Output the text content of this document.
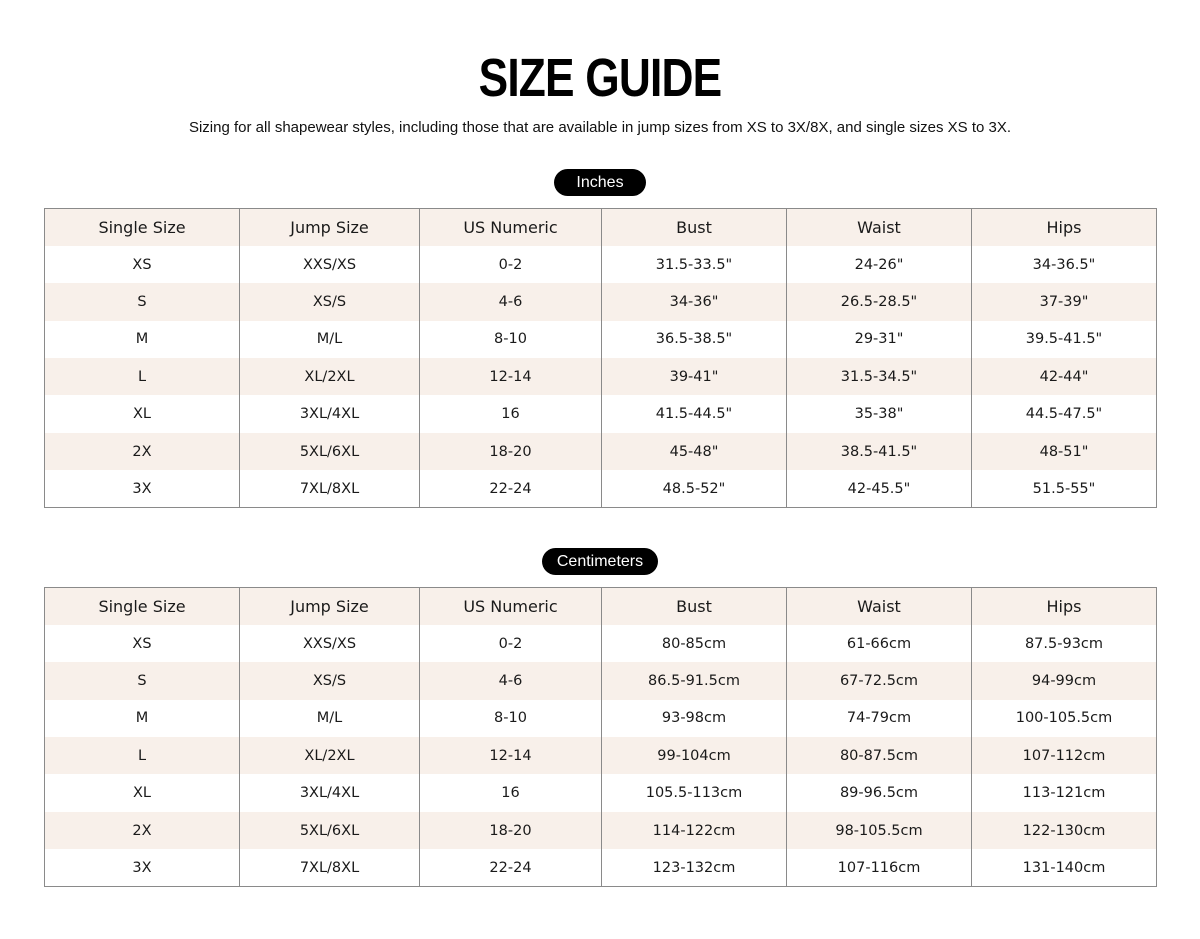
SIZE GUIDE

Sizing for all shapewear styles, including those that are available in jump sizes from XS to 3X/8X, and single sizes XS to 3X.

Inches
Single Size	Jump Size	US Numeric	Bust	Waist	Hips
XS	XXS/XS	0-2	31.5-33.5"	24-26"	34-36.5"
S	XS/S	4-6	34-36"	26.5-28.5"	37-39"
M	M/L	8-10	36.5-38.5"	29-31"	39.5-41.5"
L	XL/2XL	12-14	39-41"	31.5-34.5"	42-44"
XL	3XL/4XL	16	41.5-44.5"	35-38"	44.5-47.5"
2X	5XL/6XL	18-20	45-48"	38.5-41.5"	48-51"
3X	7XL/8XL	22-24	48.5-52"	42-45.5"	51.5-55"
Centimeters
Single Size	Jump Size	US Numeric	Bust	Waist	Hips
XS	XXS/XS	0-2	80-85cm	61-66cm	87.5-93cm
S	XS/S	4-6	86.5-91.5cm	67-72.5cm	94-99cm
M	M/L	8-10	93-98cm	74-79cm	100-105.5cm
L	XL/2XL	12-14	99-104cm	80-87.5cm	107-112cm
XL	3XL/4XL	16	105.5-113cm	89-96.5cm	113-121cm
2X	5XL/6XL	18-20	114-122cm	98-105.5cm	122-130cm
3X	7XL/8XL	22-24	123-132cm	107-116cm	131-140cm
